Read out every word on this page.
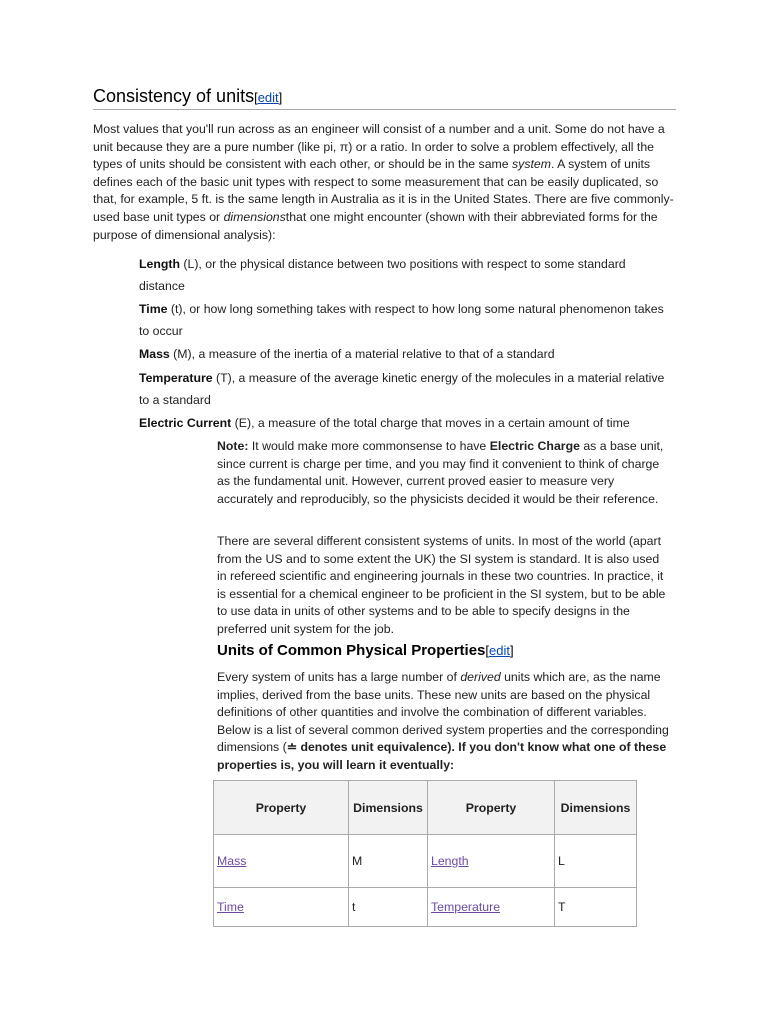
Consistency of units[edit]

Most values that you'll run across as an engineer will consist of a number and a unit. Some do not have a unit because they are a pure number (like pi, π) or a ratio. In order to solve a problem effectively, all the types of units should be consistent with each other, or should be in the same system. A system of units defines each of the basic unit types with respect to some measurement that can be easily duplicated, so that, for example, 5 ft. is the same length in Australia as it is in the United States. There are five commonly-used base unit types or dimensionsthat one might encounter (shown with their abbreviated forms for the purpose of dimensional analysis):

Length (L), or the physical distance between two positions with respect to some standard distance

Time (t), or how long something takes with respect to how long some natural phenomenon takes to occur

Mass (M), a measure of the inertia of a material relative to that of a standard

Temperature (T), a measure of the average kinetic energy of the molecules in a material relative to a standard

Electric Current (E), a measure of the total charge that moves in a certain amount of time

Note: It would make more commonsense to have Electric Charge as a base unit, since current is charge per time, and you may find it convenient to think of charge as the fundamental unit. However, current proved easier to measure very accurately and reproducibly, so the physicists decided it would be their reference.

There are several different consistent systems of units. In most of the world (apart from the US and to some extent the UK) the SI system is standard. It is also used in refereed scientific and engineering journals in these two countries. In practice, it is essential for a chemical engineer to be proficient in the SI system, but to be able to use data in units of other systems and to be able to specify designs in the preferred unit system for the job.

Units of Common Physical Properties[edit]

Every system of units has a large number of derived units which are, as the name implies, derived from the base units. These new units are based on the physical definitions of other quantities and involve the combination of different variables. Below is a list of several common derived system properties and the corresponding dimensions (≐ denotes unit equivalence). If you don't know what one of these properties is, you will learn it eventually:

Property	Dimensions	Property	Dimensions
Mass	M	Length	L
Time	t	Temperature	T
